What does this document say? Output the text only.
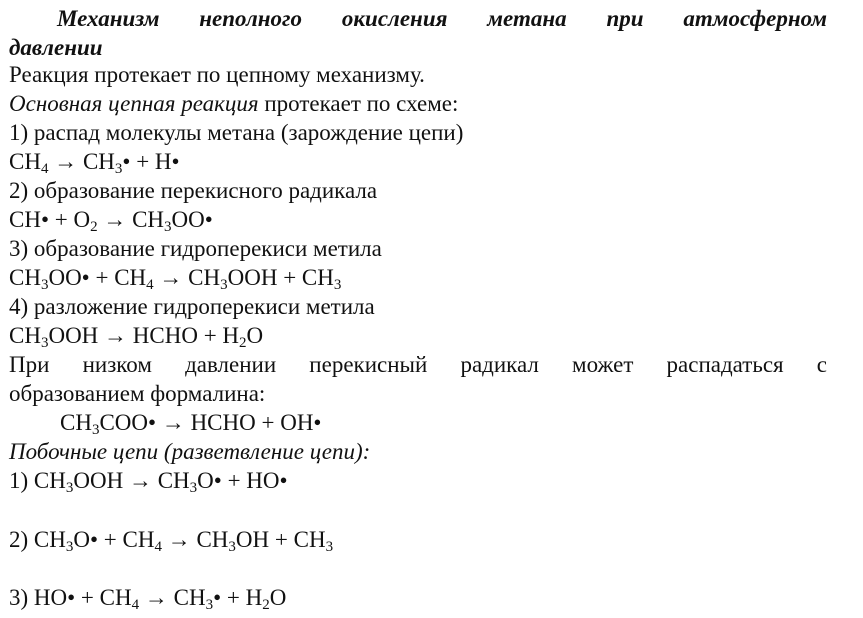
Механизм неполного окисления метана при атмосферном
давлении
Реакция протекает по цепному механизму.
Основная цепная реакция протекает по схеме:
1) распад молекулы метана (зарождение цепи)
$CH_4$ → $CH_3•$ + H•
2) образование перекисного радикала
CH• + $O_2$ → $CH_3OO•$
3) образование гидроперекиси метила
$CH_3OO• + CH_4 \to CH_3OOH + CH_3$
4) разложение гидроперекиси метила
$CH_3OOH$ → HCHO + $H_2O$
При низком давлении перекисный радикал может распадаться с
образованием формалина:
$CH_3COO•$ → HCHO + OH•
Побочные цепи (разветвление цепи):
1) $CH_3OOH$ → $CH_3O•$ + HO•
2) $CH_3O• + CH_4 \to CH_3OH + CH_3$
3) HO• + $CH_4$ → $CH_3• + H_2O$
